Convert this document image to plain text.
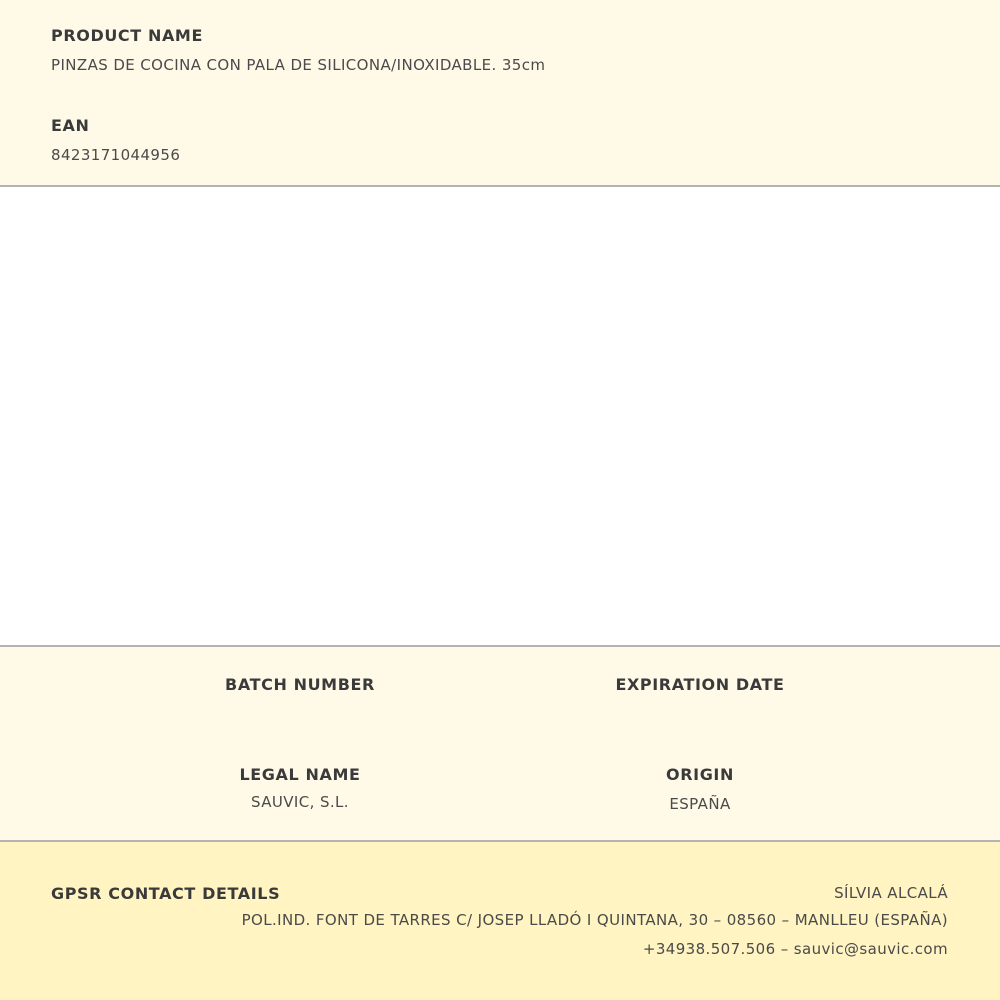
PRODUCT NAME
PINZAS DE COCINA CON PALA DE SILICONA/INOXIDABLE. 35cm
EAN
8423171044956
BATCH NUMBER	EXPIRATION DATE
LEGAL NAME
SAUVIC, S.L.
ORIGIN
ESPAÑA
GPSR CONTACT DETAILS	SÍLVIA ALCALÁ
POL.IND. FONT DE TARRES C/ JOSEP LLADÓ I QUINTANA, 30 – 08560 – MANLLEU (ESPAÑA)
+34938.507.506 – sauvic@sauvic.com
